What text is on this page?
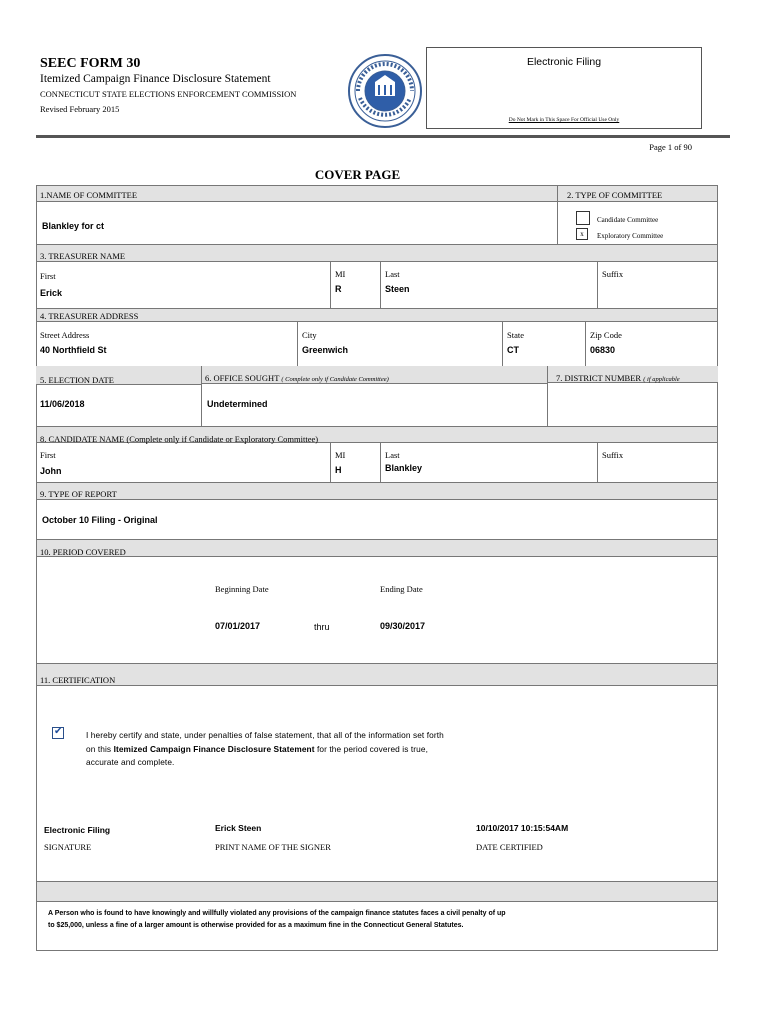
SEEC FORM 30
Itemized Campaign Finance Disclosure Statement
CONNECTICUT STATE ELECTIONS ENFORCEMENT COMMISSION
Revised February 2015
Electronic Filing
Do Not Mark in This Space For Official Use Only
Page 1 of 90
COVER PAGE
1.NAME OF COMMITTEE	2. TYPE OF COMMITTEE
Blankley for ct
Candidate Committee
x	Exploratory Committee
3. TREASURER NAME
First
Erick
MI
R
Last
Steen
Suffix
4. TREASURER ADDRESS
Street Address
40 Northfield St
City
Greenwich
State
CT
Zip Code
06830
5. ELECTION DATE	6. OFFICE SOUGHT ( Complete only if Candidate Committee)	7. DISTRICT NUMBER ( if applicable
11/06/2018	Undetermined
8. CANDIDATE NAME (Complete only if Candidate or Exploratory Committee)
First
John
MI
H
Last
Blankley
Suffix
9. TYPE OF REPORT
October 10 Filing - Original
10. PERIOD COVERED
Beginning Date	Ending Date
07/01/2017	thru	09/30/2017
11. CERTIFICATION
✔	I hereby certify and state, under penalties of false statement, that all of the information set forth
on this Itemized Campaign Finance Disclosure Statement for the period covered is true,
accurate and complete.
Electronic Filing
SIGNATURE
Erick Steen
PRINT NAME OF THE SIGNER
10/10/2017 10:15:54AM
DATE CERTIFIED
A Person who is found to have knowingly and willfully violated any provisions of the campaign finance statutes faces a civil penalty of up
to $25,000, unless a fine of a larger amount is otherwise provided for as a maximum fine in the Connecticut General Statutes.
